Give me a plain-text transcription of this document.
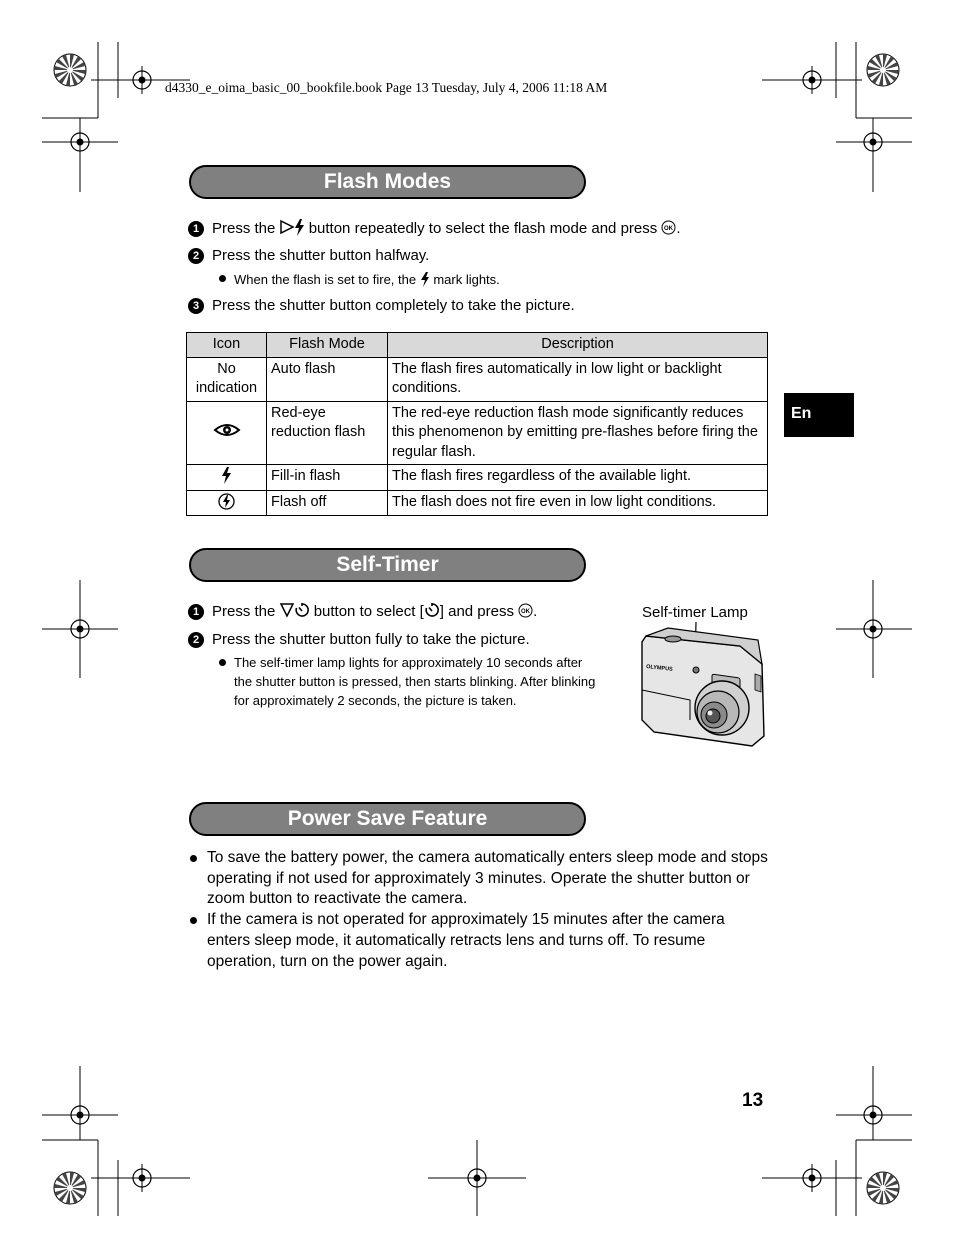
d4330_e_oima_basic_00_bookfile.book Page 13 Tuesday, July 4, 2006 11:18 AM
Flash Modes
1 Press the  button repeatedly to select the flash mode and press OK .
2 Press the shutter button halfway.
When the flash is set to fire, the  mark lights.
3 Press the shutter button completely to take the picture.
Icon	Flash Mode	Description
No indication	Auto flash	The flash fires automatically in low light or backlight conditions.
	Red-eye reduction flash	The red-eye reduction flash mode significantly reduces this phenomenon by emitting pre-flashes before firing the regular flash.
	Fill-in flash	The flash fires regardless of the available light.
	Flash off	The flash does not fire even in low light conditions.
En
Self-Timer
1 Press the  button to select [ ] and press OK .
2 Press the shutter button fully to take the picture.
The self-timer lamp lights for approximately 10 seconds after
the shutter button is pressed, then starts blinking. After blinking
for approximately 2 seconds, the picture is taken.
Self-timer Lamp
OLYMPUS
Power Save Feature
To save the battery power, the camera automatically enters sleep mode and stops operating if not used for approximately 3 minutes. Operate the shutter button or zoom button to reactivate the camera.
If the camera is not operated for approximately 15 minutes after the camera enters sleep mode, it automatically retracts lens and turns off. To resume operation, turn on the power again.
13
